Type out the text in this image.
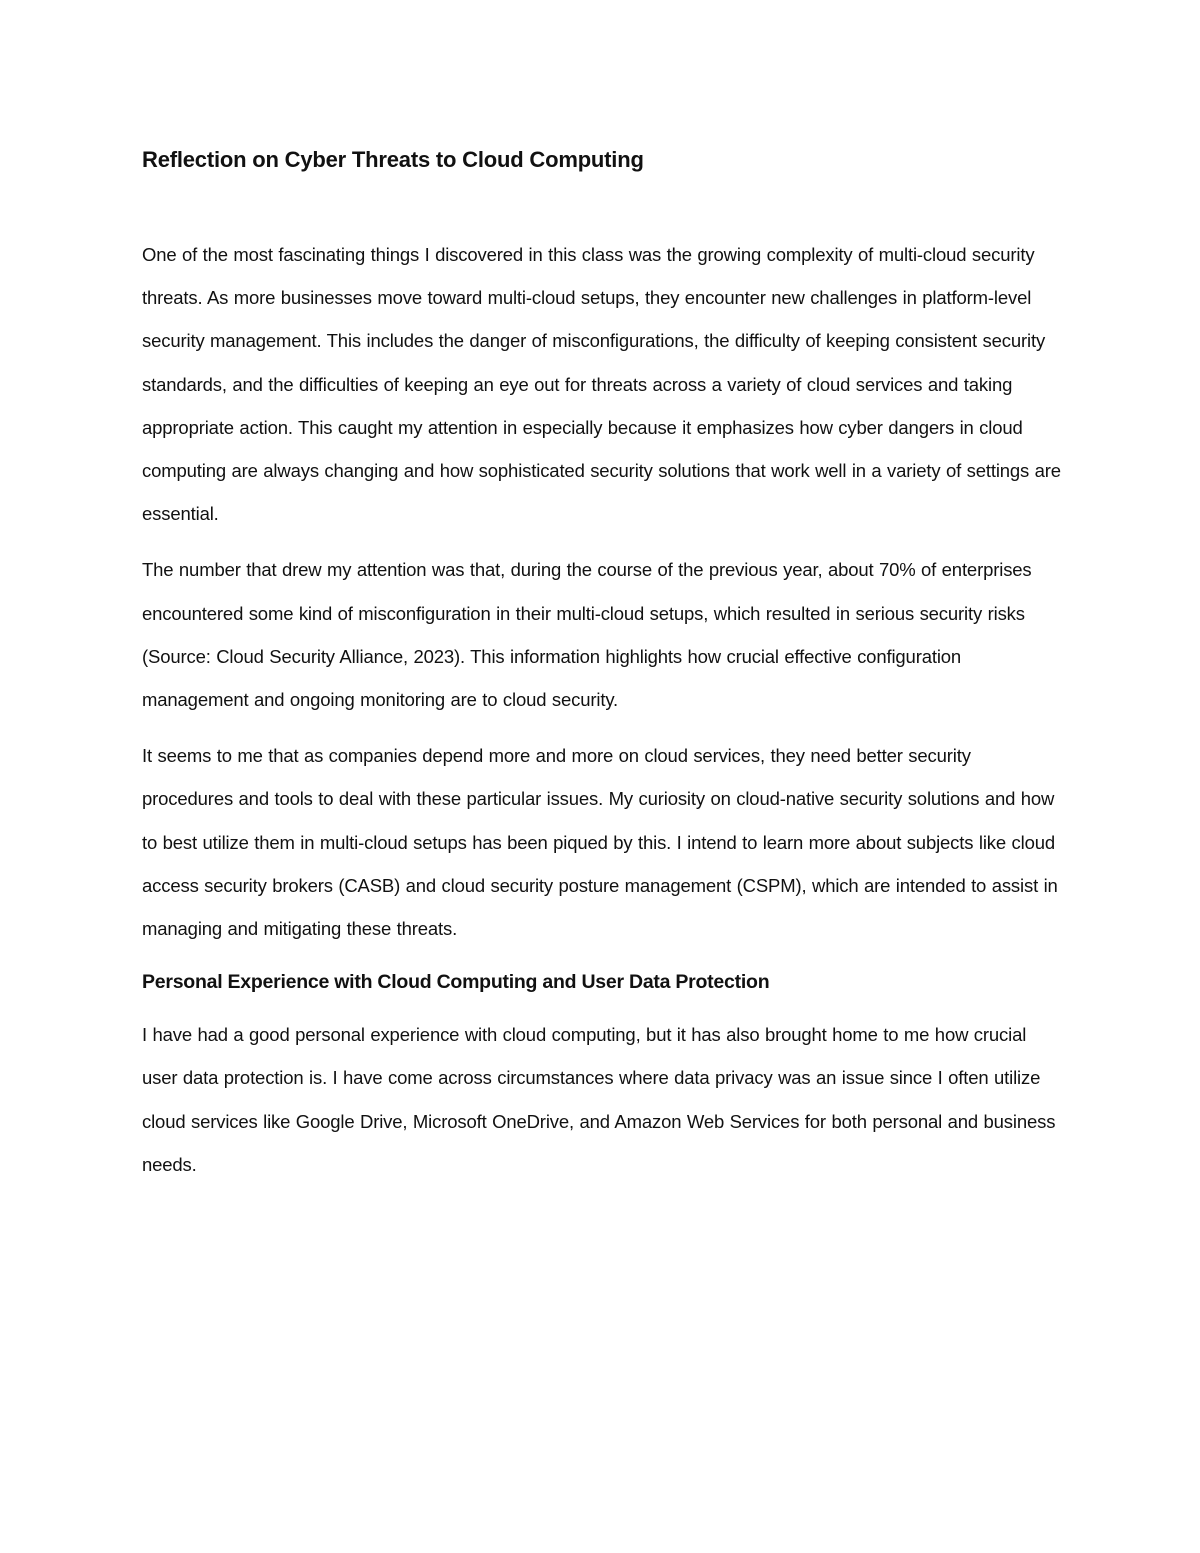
Reflection on Cyber Threats to Cloud Computing

One of the most fascinating things I discovered in this class was the growing complexity of multi-cloud security threats. As more businesses move toward multi-cloud setups, they encounter new challenges in platform-level security management. This includes the danger of misconfigurations, the difficulty of keeping consistent security standards, and the difficulties of keeping an eye out for threats across a variety of cloud services and taking appropriate action. This caught my attention in especially because it emphasizes how cyber dangers in cloud computing are always changing and how sophisticated security solutions that work well in a variety of settings are essential.

The number that drew my attention was that, during the course of the previous year, about 70% of enterprises encountered some kind of misconfiguration in their multi-cloud setups, which resulted in serious security risks (Source: Cloud Security Alliance, 2023). This information highlights how crucial effective configuration management and ongoing monitoring are to cloud security.

It seems to me that as companies depend more and more on cloud services, they need better security procedures and tools to deal with these particular issues. My curiosity on cloud-native security solutions and how to best utilize them in multi-cloud setups has been piqued by this. I intend to learn more about subjects like cloud access security brokers (CASB) and cloud security posture management (CSPM), which are intended to assist in managing and mitigating these threats.

Personal Experience with Cloud Computing and User Data Protection

I have had a good personal experience with cloud computing, but it has also brought home to me how crucial user data protection is. I have come across circumstances where data privacy was an issue since I often utilize cloud services like Google Drive, Microsoft OneDrive, and Amazon Web Services for both personal and business needs.
